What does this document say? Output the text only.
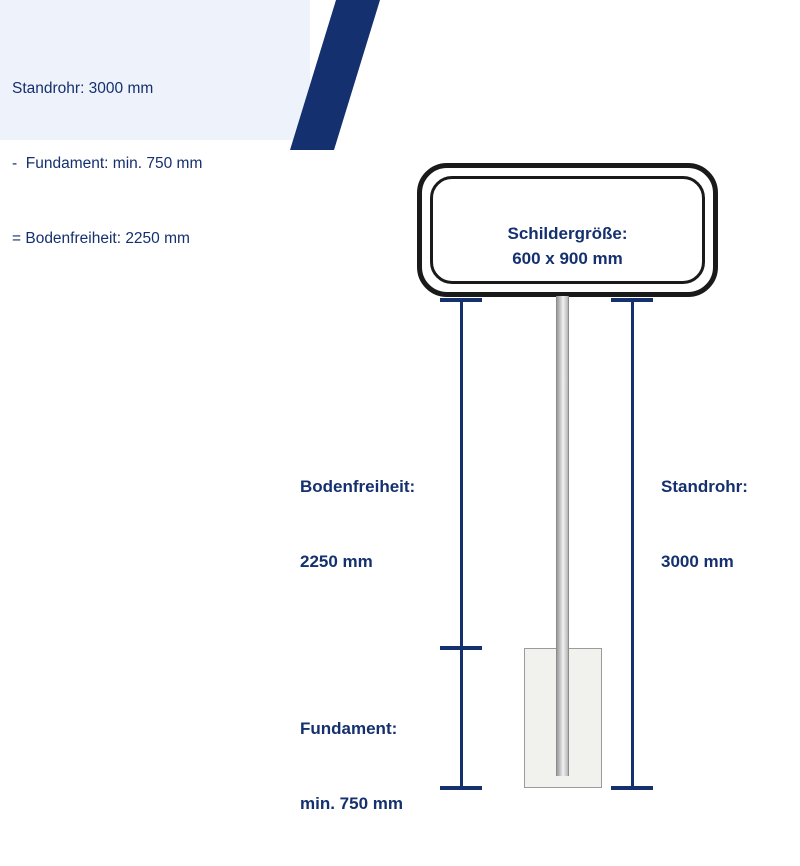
Standrohr: 3000 mm

-  Fundament: min. 750 mm

= Bodenfreiheit: 2250 mm

	Schildergröße:
600 x 900 mm

Bodenfreiheit:

2250 mm

Fundament:

min. 750 mm

Standrohr:

3000 mm
